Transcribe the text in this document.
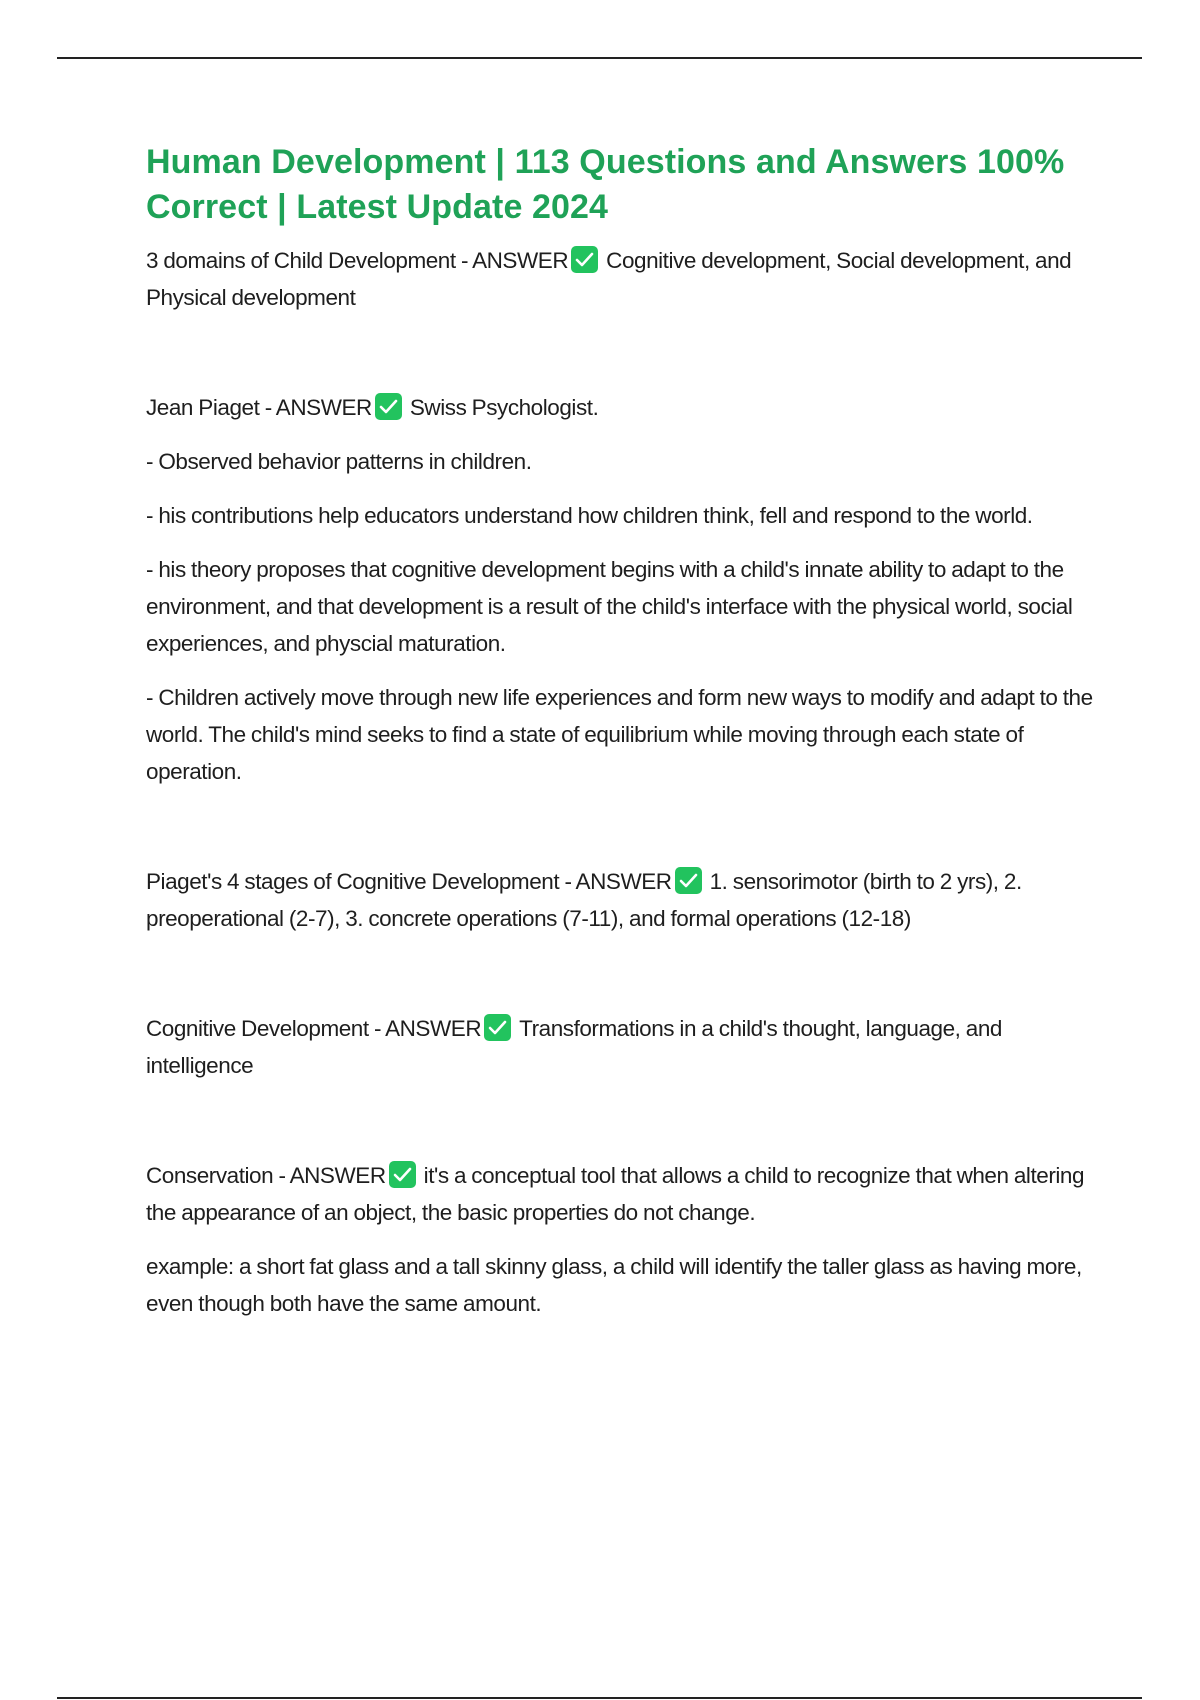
Human Development | 113 Questions and Answers 100% Correct | Latest Update 2024

3 domains of Child Development - ANSWER Cognitive development, Social development, and Physical development

Jean Piaget - ANSWER Swiss Psychologist.

- Observed behavior patterns in children.

- his contributions help educators understand how children think, fell and respond to the world.

- his theory proposes that cognitive development begins with a child's innate ability to adapt to the environment, and that development is a result of the child's interface with the physical world, social experiences, and physcial maturation.

- Children actively move through new life experiences and form new ways to modify and adapt to the world. The child's mind seeks to find a state of equilibrium while moving through each state of operation.

Piaget's 4 stages of Cognitive Development - ANSWER 1. sensorimotor (birth to 2 yrs), 2. preoperational (2-7), 3. concrete operations (7-11), and formal operations (12-18)

Cognitive Development - ANSWER Transformations in a child's thought, language, and intelligence

Conservation - ANSWER it's a conceptual tool that allows a child to recognize that when altering the appearance of an object, the basic properties do not change.

example: a short fat glass and a tall skinny glass, a child will identify the taller glass as having more, even though both have the same amount.
